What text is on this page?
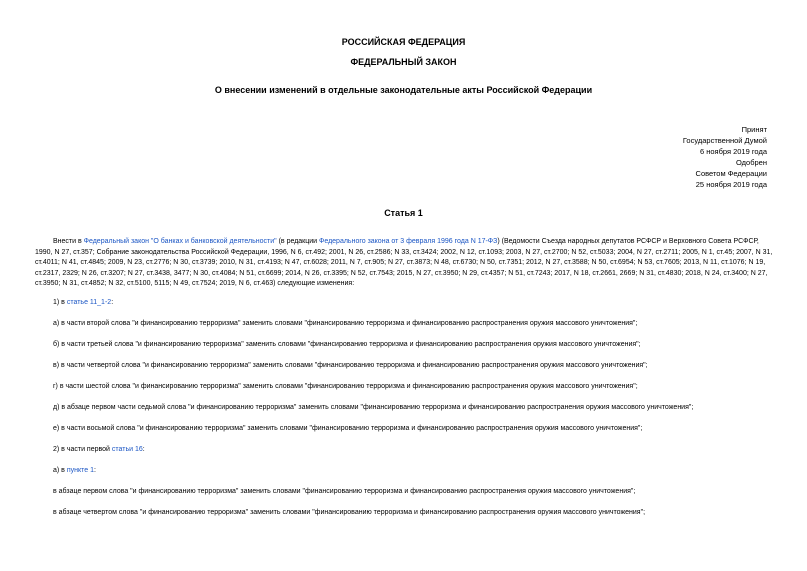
РОССИЙСКАЯ ФЕДЕРАЦИЯ
ФЕДЕРАЛЬНЫЙ ЗАКОН
О внесении изменений в отдельные законодательные акты Российской Федерации
Принят
Государственной Думой
6 ноября 2019 года
Одобрен
Советом Федерации
25 ноября 2019 года
Статья 1
Внести в Федеральный закон "О банках и банковской деятельности" (в редакции Федерального закона от 3 февраля 1996 года N 17-ФЗ) (Ведомости Съезда народных депутатов РСФСР и Верховного Совета РСФСР, 1990, N 27, ст.357; Собрание законодательства Российской Федерации, 1996, N 6, ст.492; 2001, N 26, ст.2586; N 33, ст.3424; 2002, N 12, ст.1093; 2003, N 27, ст.2700; N 52, ст.5033; 2004, N 27, ст.2711; 2005, N 1, ст.45; 2007, N 31, ст.4011; N 41, ст.4845; 2009, N 23, ст.2776; N 30, ст.3739; 2010, N 31, ст.4193; N 47, ст.6028; 2011, N 7, ст.905; N 27, ст.3873; N 48, ст.6730; N 50, ст.7351; 2012, N 27, ст.3588; N 50, ст.6954; N 53, ст.7605; 2013, N 11, ст.1076; N 19, ст.2317, 2329; N 26, ст.3207; N 27, ст.3438, 3477; N 30, ст.4084; N 51, ст.6699; 2014, N 26, ст.3395; N 52, ст.7543; 2015, N 27, ст.3950; N 29, ст.4357; N 51, ст.7243; 2017, N 18, ст.2661, 2669; N 31, ст.4830; 2018, N 24, ст.3400; N 27, ст.3950; N 31, ст.4852; N 32, ст.5100, 5115; N 49, ст.7524; 2019, N 6, ст.463) следующие изменения:
1) в статье 11_1-2:
а) в части второй слова "и финансированию терроризма" заменить словами "финансированию терроризма и финансированию распространения оружия массового уничтожения";
б) в части третьей слова "и финансированию терроризма" заменить словами "финансированию терроризма и финансированию распространения оружия массового уничтожения";
в) в части четвертой слова "и финансированию терроризма" заменить словами "финансированию терроризма и финансированию распространения оружия массового уничтожения";
г) в части шестой слова "и финансированию терроризма" заменить словами "финансированию терроризма и финансированию распространения оружия массового уничтожения";
д) в абзаце первом части седьмой слова "и финансированию терроризма" заменить словами "финансированию терроризма и финансированию распространения оружия массового уничтожения";
е) в части восьмой слова "и финансированию терроризма" заменить словами "финансированию терроризма и финансированию распространения оружия массового уничтожения";
2) в части первой статьи 16:
а) в пункте 1:
в абзаце первом слова "и финансированию терроризма" заменить словами "финансированию терроризма и финансированию распространения оружия массового уничтожения";
в абзаце четвертом слова "и финансированию терроризма" заменить словами "финансированию терроризма и финансированию распространения оружия массового уничтожения";
